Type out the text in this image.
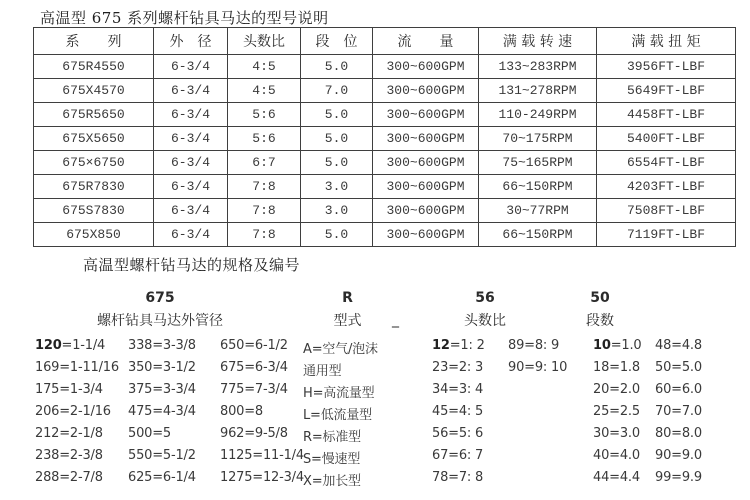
高温型 675 系列螺杆钻具马达的型号说明
系　　列	外　径	头数比	段　位	流　　量	满 载 转 速	满 载 扭 矩
675R4550	6-3/4	4:5	5.0	300~600GPM	133~283RPM	3956FT-LBF
675X4570	6-3/4	4:5	7.0	300~600GPM	131~278RPM	5649FT-LBF
675R5650	6-3/4	5:6	5.0	300~600GPM	110-249RPM	4458FT-LBF
675X5650	6-3/4	5:6	5.0	300~600GPM	70~175RPM	5400FT-LBF
675×6750	6-3/4	6:7	5.0	300~600GPM	75~165RPM	6554FT-LBF
675R7830	6-3/4	7:8	3.0	300~600GPM	66~150RPM	4203FT-LBF
675S7830	6-3/4	7:8	3.0	300~600GPM	30~77RPM	7508FT-LBF
675X850	6-3/4	7:8	5.0	300~600GPM	66~150RPM	7119FT-LBF
高温型螺杆钻马达的规格及编号
675
螺杆钻具马达外管径
R
型式
56
头数比
50
段数
_
120=1-1/4 338=3-3/8 650=6-1/2 A=空气/泡沫	12=1: 2 89=8: 9	10=1.0 48=4.8
169=1-11/16 350=3-1/2 675=6-3/4 通用型	23=2: 3 90=9: 10 18=1.8 50=5.0
175=1-3/4 375=3-3/4 775=7-3/4 H=高流量型	34=3: 4	20=2.0 60=6.0
206=2-1/16 475=4-3/4 800=8	L=低流量型	45=4: 5	25=2.5 70=7.0
212=2-1/8 500=5	962=9-5/8 R=标准型	56=5: 6	30=3.0 80=8.0
238=2-3/8 550=5-1/2 1125=11-1/4 S=慢速型	67=6: 7	40=4.0 90=9.0
288=2-7/8 625=6-1/4 1275=12-3/4 X=加长型	78=7: 8	44=4.4 99=9.9
